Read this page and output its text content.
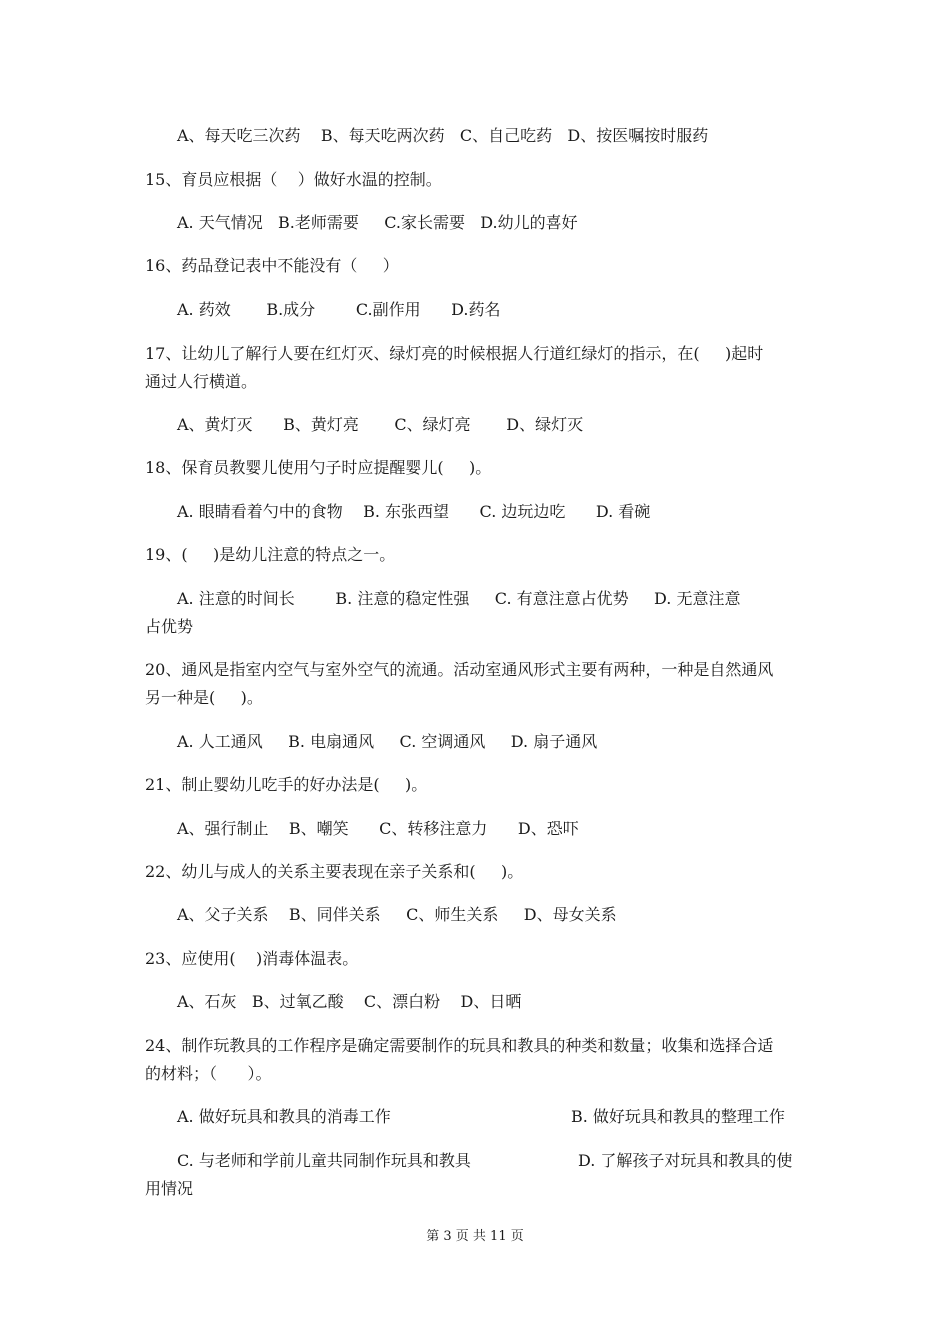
A、每天吃三次药    B、每天吃两次药   C、自己吃药   D、按医嘱按时服药
15、育员应根据（    ）做好水温的控制。
A. 天气情况   B.老师需要     C.家长需要   D.幼儿的喜好
16、药品登记表中不能没有（     ）
A. 药效       B.成分        C.副作用      D.药名
17、让幼儿了解行人要在红灯灭、绿灯亮的时候根据人行道红绿灯的指示，在(     )起时
通过人行横道。
A、黄灯灭      B、黄灯亮       C、绿灯亮       D、绿灯灭
18、保育员教婴儿使用勺子时应提醒婴儿(     )。
A. 眼睛看着勺中的食物    B. 东张西望      C. 边玩边吃      D. 看碗
19、(     )是幼儿注意的特点之一。
A. 注意的时间长        B. 注意的稳定性强     C. 有意注意占优势     D. 无意注意
占优势
20、通风是指室内空气与室外空气的流通。活动室通风形式主要有两种，一种是自然通风
另一种是(     )。
A. 人工通风     B. 电扇通风     C. 空调通风     D. 扇子通风
21、制止婴幼儿吃手的好办法是(     )。
A、强行制止    B、嘲笑      C、转移注意力      D、恐吓
22、幼儿与成人的关系主要表现在亲子关系和(     )。
A、父子关系    B、同伴关系     C、师生关系     D、母女关系
23、应使用(    )消毒体温表。
A、石灰   B、过氧乙酸    C、漂白粉    D、日晒
24、制作玩教具的工作程序是确定需要制作的玩具和教具的种类和数量；收集和选择合适
的材料；（      ）。
A. 做好玩具和教具的消毒工作	B. 做好玩具和教具的整理工作
C. 与老师和学前儿童共同制作玩具和教具	D. 了解孩子对玩具和教具的使
用情况
第 3 页 共 11 页
